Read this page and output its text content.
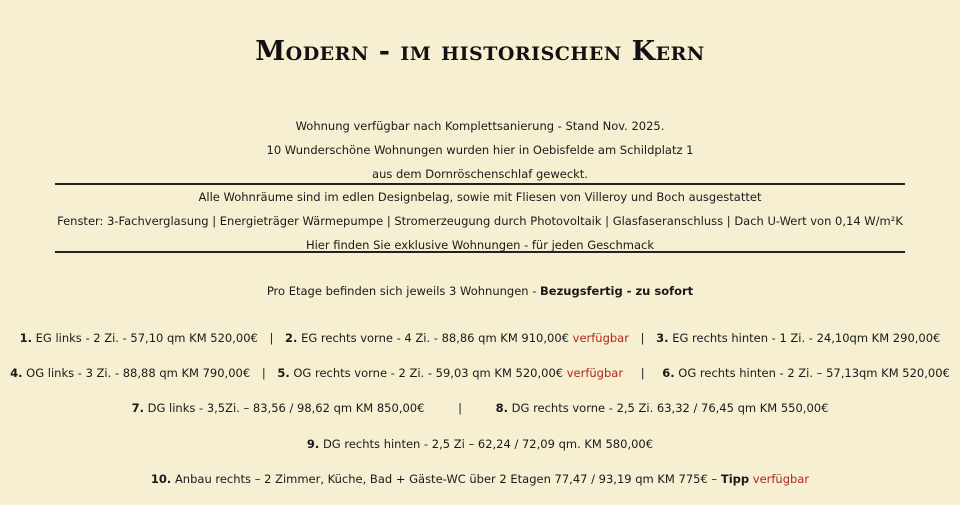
Modern - im historischen Kern
Wohnung verfügbar nach Komplettsanierung - Stand Nov. 2025.
10 Wunderschöne Wohnungen wurden hier in Oebisfelde am Schildplatz 1
aus dem Dornröschenschlaf geweckt.
Alle Wohnräume sind im edlen Designbelag, sowie mit Fliesen von Villeroy und Boch ausgestattet
Fenster: 3-Fachverglasung | Energieträger Wärmepumpe | Stromerzeugung durch Photovoltaik | Glasfaseranschluss | Dach U-Wert von 0,14 W/m²K
Hier finden Sie exklusive Wohnungen - für jeden Geschmack
Pro Etage befinden sich jeweils 3 Wohnungen - Bezugsfertig - zu sofort
1. EG links - 2 Zi. - 57,10 qm KM 520,00€ | 2. EG rechts vorne - 4 Zi. - 88,86 qm KM 910,00€ verfügbar | 3. EG rechts hinten - 1 Zi. - 24,10qm KM 290,00€
4. OG links - 3 Zi. - 88,88 qm KM 790,00€ | 5. OG rechts vorne - 2 Zi. - 59,03 qm KM 520,00€ verfügbar | 6. OG rechts hinten - 2 Zi. – 57,13qm KM 520,00€
7. DG links - 3,5Zi. – 83,56 / 98,62 qm KM 850,00€	|	8. DG rechts vorne - 2,5 Zi. 63,32 / 76,45 qm KM 550,00€
9. DG rechts hinten - 2,5 Zi – 62,24 / 72,09 qm. KM 580,00€
10. Anbau rechts – 2 Zimmer, Küche, Bad + Gäste-WC über 2 Etagen 77,47 / 93,19 qm KM 775€ – Tipp verfügbar
